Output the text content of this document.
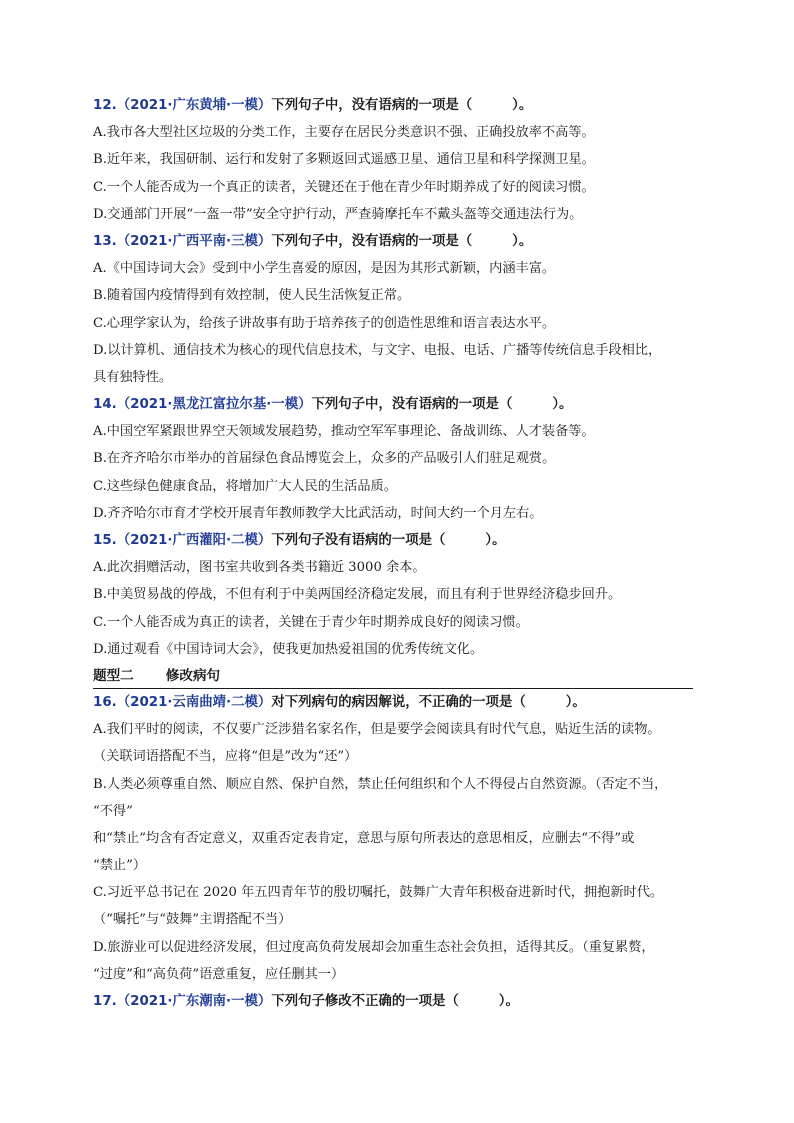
12.（2021·广东黄埔·一模）下列句子中，没有语病的一项是（	）。
A.我市各大型社区垃圾的分类工作，主要存在居民分类意识不强、正确投放率不高等。
B.近年来，我国研制、运行和发射了多颗返回式遥感卫星、通信卫星和科学探测卫星。
C.一个人能否成为一个真正的读者，关键还在于他在青少年时期养成了好的阅读习惯。
D.交通部门开展“一盔一带”安全守护行动，严查骑摩托车不戴头盔等交通违法行为。
13.（2021·广西平南·三模）下列句子中，没有语病的一项是（	）。
A.《中国诗词大会》受到中小学生喜爱的原因，是因为其形式新颖，内涵丰富。
B.随着国内疫情得到有效控制，使人民生活恢复正常。
C.心理学家认为，给孩子讲故事有助于培养孩子的创造性思维和语言表达水平。
D.以计算机、通信技术为核心的现代信息技术，与文字、电报、电话、广播等传统信息手段相比，
具有独特性。
14.（2021·黑龙江富拉尔基·一模）下列句子中，没有语病的一项是（	）。
A.中国空军紧跟世界空天领域发展趋势，推动空军军事理论、备战训练、人才装备等。
B.在齐齐哈尔市举办的首届绿色食品博览会上，众多的产品吸引人们驻足观赏。
C.这些绿色健康食品，将增加广大人民的生活品质。
D.齐齐哈尔市育才学校开展青年教师教学大比武活动，时间大约一个月左右。
15.（2021·广西灌阳·二模）下列句子没有语病的一项是（	）。
A.此次捐赠活动，图书室共收到各类书籍近 3000 余本。
B.中美贸易战的停战，不但有利于中美两国经济稳定发展，而且有利于世界经济稳步回升。
C.一个人能否成为真正的读者，关键在于青少年时期养成良好的阅读习惯。
D.通过观看《中国诗词大会》，使我更加热爱祖国的优秀传统文化。
题型二 修改病句
16.（2021·云南曲靖·二模）对下列病句的病因解说，不正确的一项是（	）。
A.我们平时的阅读，不仅要广泛涉猎名家名作，但是要学会阅读具有时代气息，贴近生活的读物。
（关联词语搭配不当，应将“但是”改为“还”）
B.人类必须尊重自然、顺应自然、保护自然，禁止任何组织和个人不得侵占自然资源。（否定不当，
“不得”
和“禁止”均含有否定意义，双重否定表肯定，意思与原句所表达的意思相反，应删去“不得”或
“禁止”）
C.习近平总书记在 2020 年五四青年节的殷切嘱托，鼓舞广大青年积极奋进新时代，拥抱新时代。
（“嘱托”与“鼓舞”主谓搭配不当）
D.旅游业可以促进经济发展，但过度高负荷发展却会加重生态社会负担，适得其反。（重复累赘，
“过度”和“高负荷”语意重复，应任删其一）
17.（2021·广东潮南·一模）下列句子修改不正确的一项是（	）。
